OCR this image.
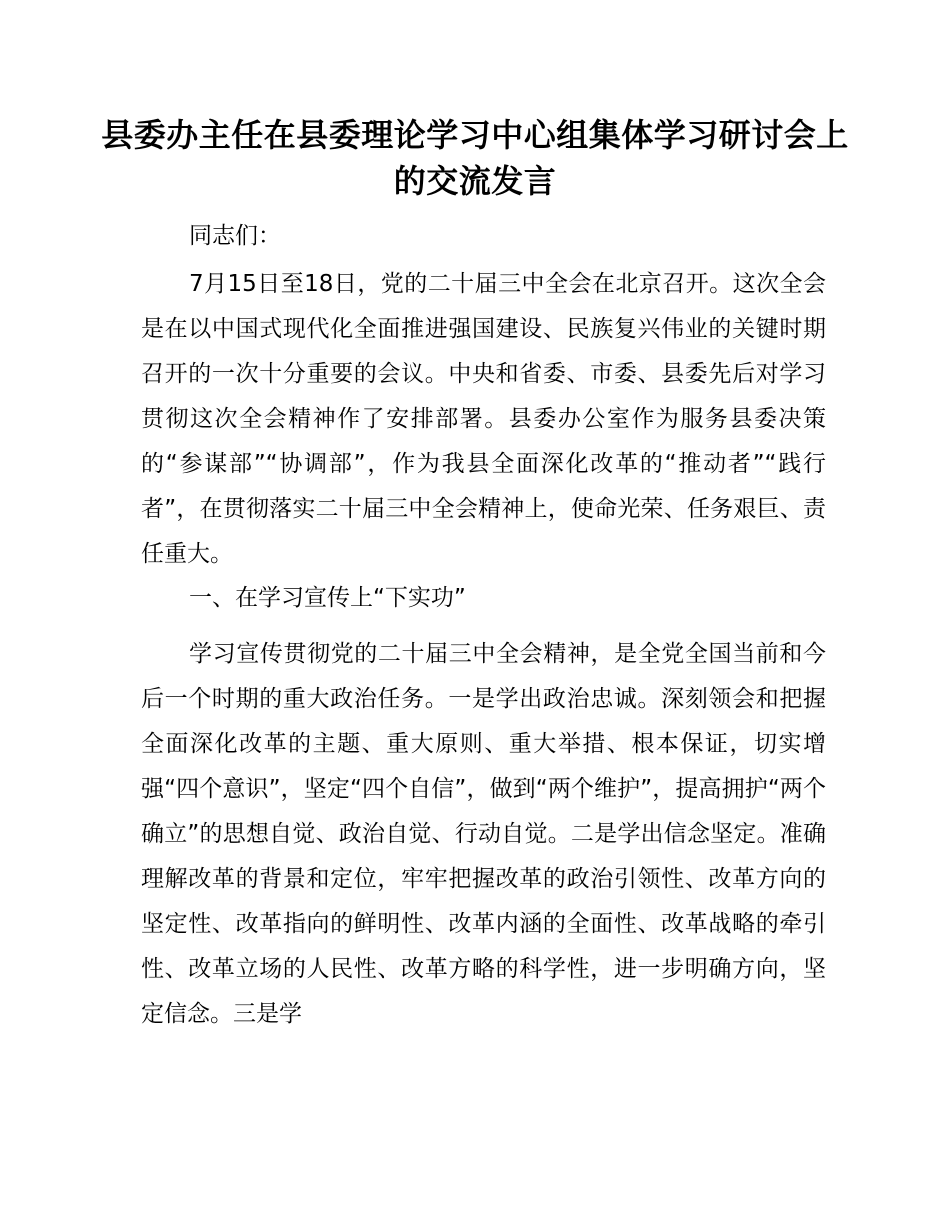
县委办主任在县委理论学习中心组集体学习研讨会上的交流发言
同志们：
7月15日至18日，党的二十届三中全会在北京召开。这次全会是在以中国式现代化全面推进强国建设、民族复兴伟业的关键时期召开的一次十分重要的会议。中央和省委、市委、县委先后对学习贯彻这次全会精神作了安排部署。县委办公室作为服务县委决策的“参谋部”“协调部”，作为我县全面深化改革的“推动者”“践行者”，在贯彻落实二十届三中全会精神上，使命光荣、任务艰巨、责任重大。
一、在学习宣传上“下实功”
学习宣传贯彻党的二十届三中全会精神，是全党全国当前和今后一个时期的重大政治任务。一是学出政治忠诚。深刻领会和把握全面深化改革的主题、重大原则、重大举措、根本保证，切实增强“四个意识”，坚定“四个自信”，做到“两个维护”，提高拥护“两个确立”的思想自觉、政治自觉、行动自觉。二是学出信念坚定。准确理解改革的背景和定位，牢牢把握改革的政治引领性、改革方向的坚定性、改革指向的鲜明性、改革内涵的全面性、改革战略的牵引性、改革立场的人民性、改革方略的科学性，进一步明确方向，坚定信念。三是学
